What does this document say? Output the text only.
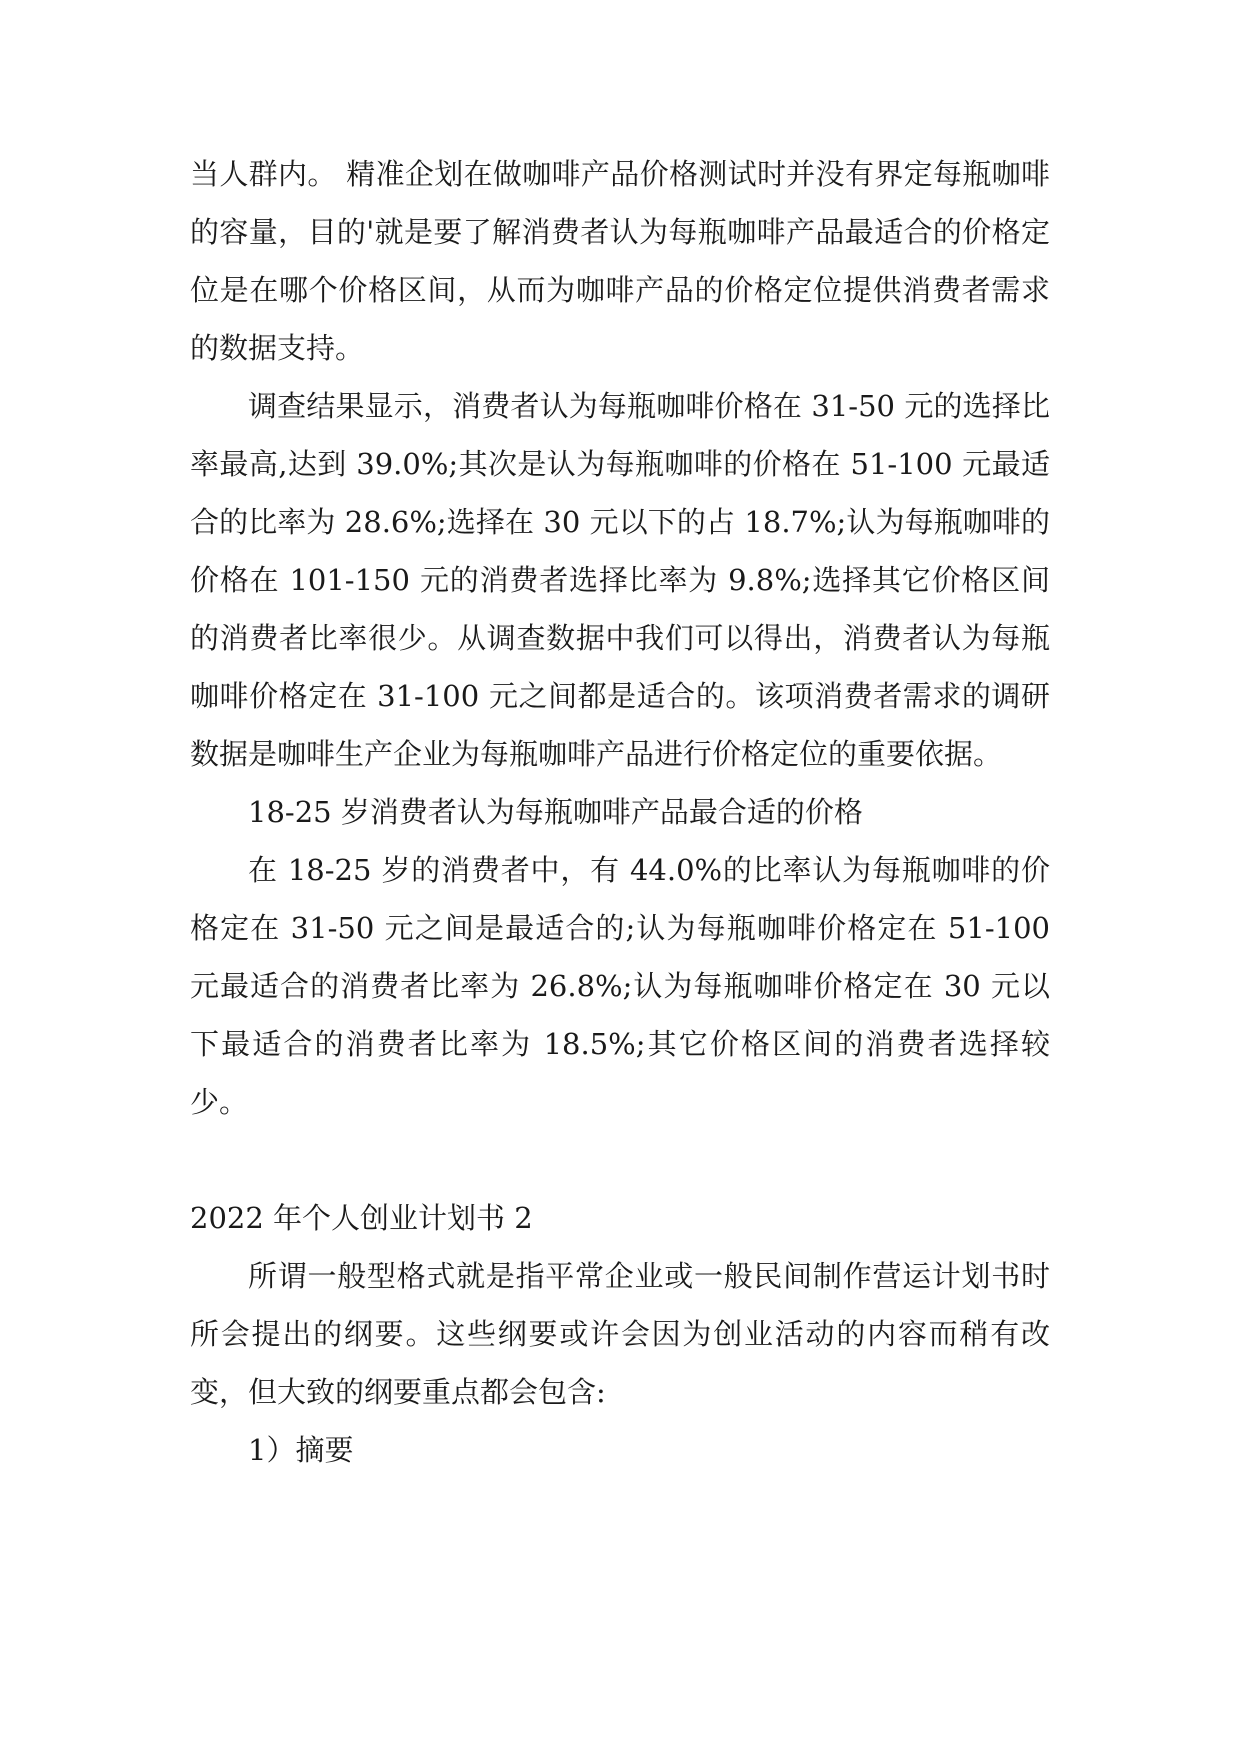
当人群内。 精准企划在做咖啡产品价格测试时并没有界定每瓶咖啡的容量，目的'就是要了解消费者认为每瓶咖啡产品最适合的价格定位是在哪个价格区间，从而为咖啡产品的价格定位提供消费者需求的数据支持。

调查结果显示，消费者认为每瓶咖啡价格在 31-50 元的选择比率最高,达到 39.0%;其次是认为每瓶咖啡的价格在 51-100 元最适合的比率为 28.6%;选择在 30 元以下的占 18.7%;认为每瓶咖啡的价格在 101-150 元的消费者选择比率为 9.8%;选择其它价格区间的消费者比率很少。从调查数据中我们可以得出，消费者认为每瓶咖啡价格定在 31-100 元之间都是适合的。该项消费者需求的调研数据是咖啡生产企业为每瓶咖啡产品进行价格定位的重要依据。

18-25 岁消费者认为每瓶咖啡产品最合适的价格

在 18-25 岁的消费者中，有 44.0%的比率认为每瓶咖啡的价格定在 31-50 元之间是最适合的;认为每瓶咖啡价格定在 51-100 元最适合的消费者比率为 26.8%;认为每瓶咖啡价格定在 30 元以下最适合的消费者比率为 18.5%;其它价格区间的消费者选择较少。

2022 年个人创业计划书 2

所谓一般型格式就是指平常企业或一般民间制作营运计划书时所会提出的纲要。这些纲要或许会因为创业活动的内容而稍有改变，但大致的纲要重点都会包含:

1）摘要
